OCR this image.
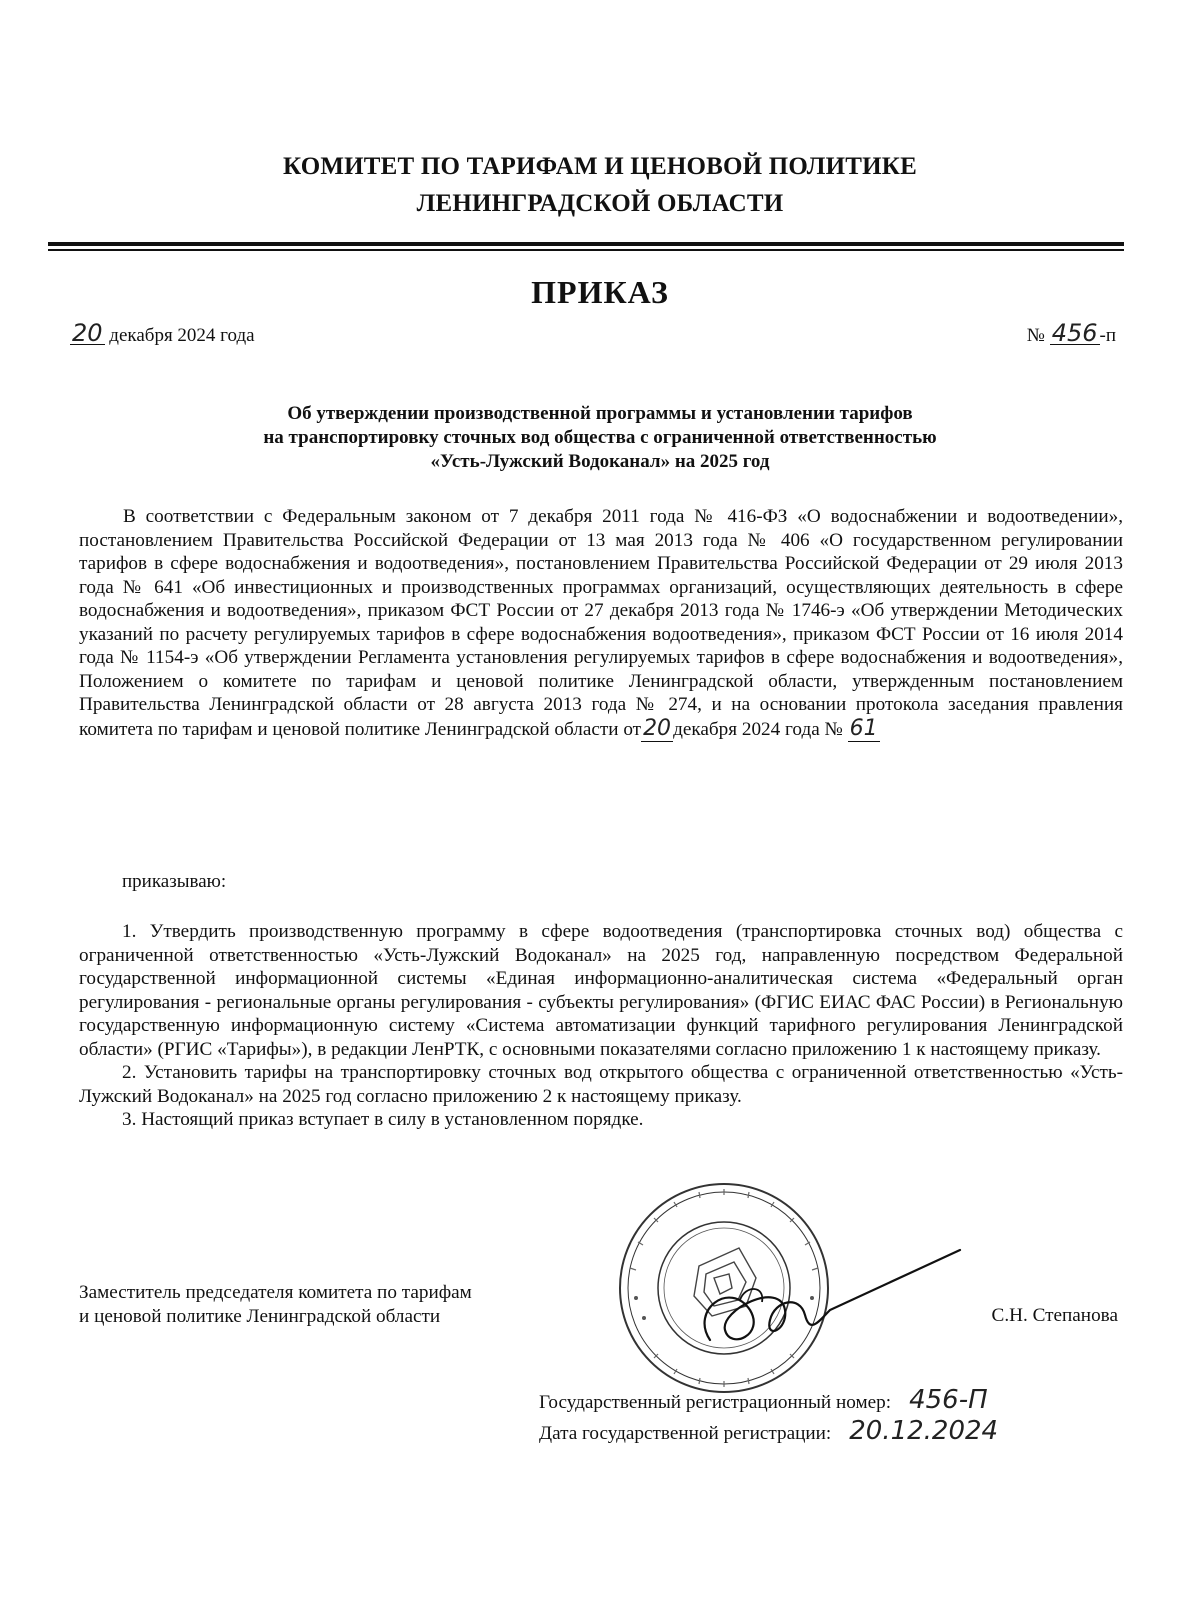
КОМИТЕТ ПО ТАРИФАМ И ЦЕНОВОЙ ПОЛИТИКЕ
ЛЕНИНГРАДСКОЙ ОБЛАСТИ
ПРИКАЗ
20 декабря 2024 года	№ 456 -п
Об утверждении производственной программы и установлении тарифов
на транспортировку сточных вод общества с ограниченной ответственностью
«Усть-Лужский Водоканал» на 2025 год

В соответствии с Федеральным законом от 7 декабря 2011 года № 416-ФЗ «О водоснабжении и водоотведении», постановлением Правительства Российской Федерации от 13 мая 2013 года № 406 «О государственном регулировании тарифов в сфере водоснабжения и водоотведения», постановлением Правительства Российской Федерации от 29 июля 2013 года № 641 «Об инвестиционных и производственных программах организаций, осуществляющих деятельность в сфере водоснабжения и водоотведения», приказом ФСТ России от 27 декабря 2013 года № 1746-э «Об утверждении Методических указаний по расчету регулируемых тарифов в сфере водоснабжения водоотведения», приказом ФСТ России от 16 июля 2014 года № 1154-э «Об утверждении Регламента установления регулируемых тарифов в сфере водоснабжения и водоотведения», Положением о комитете по тарифам и ценовой политике Ленинградской области, утвержденным постановлением Правительства Ленинградской области от 28 августа 2013 года № 274, и на основании протокола заседания правления комитета по тарифам и ценовой политике Ленинградской области от20 декабря 2024 года № 61

приказываю:

1. Утвердить производственную программу в сфере водоотведения (транспортировка сточных вод) общества с ограниченной ответственностью «Усть-Лужский Водоканал» на 2025 год, направленную посредством Федеральной государственной информационной системы «Единая информационно-аналитическая система «Федеральный орган регулирования - региональные органы регулирования - субъекты регулирования» (ФГИС ЕИАС ФАС России) в Региональную государственную информационную систему «Система автоматизации функций тарифного регулирования Ленинградской области» (РГИС «Тарифы»), в редакции ЛенРТК, с основными показателями согласно приложению 1 к настоящему приказу.

2. Установить тарифы на транспортировку сточных вод открытого общества с ограниченной ответственностью «Усть-Лужский Водоканал» на 2025 год согласно приложению 2 к настоящему приказу.

3. Настоящий приказ вступает в силу в установленном порядке.

Заместитель председателя комитета по тарифам
и ценовой политике Ленинградской области	С.Н. Степанова
Государственный регистрационный номер: 456-П
Дата государственной регистрации: 20.12.2024
